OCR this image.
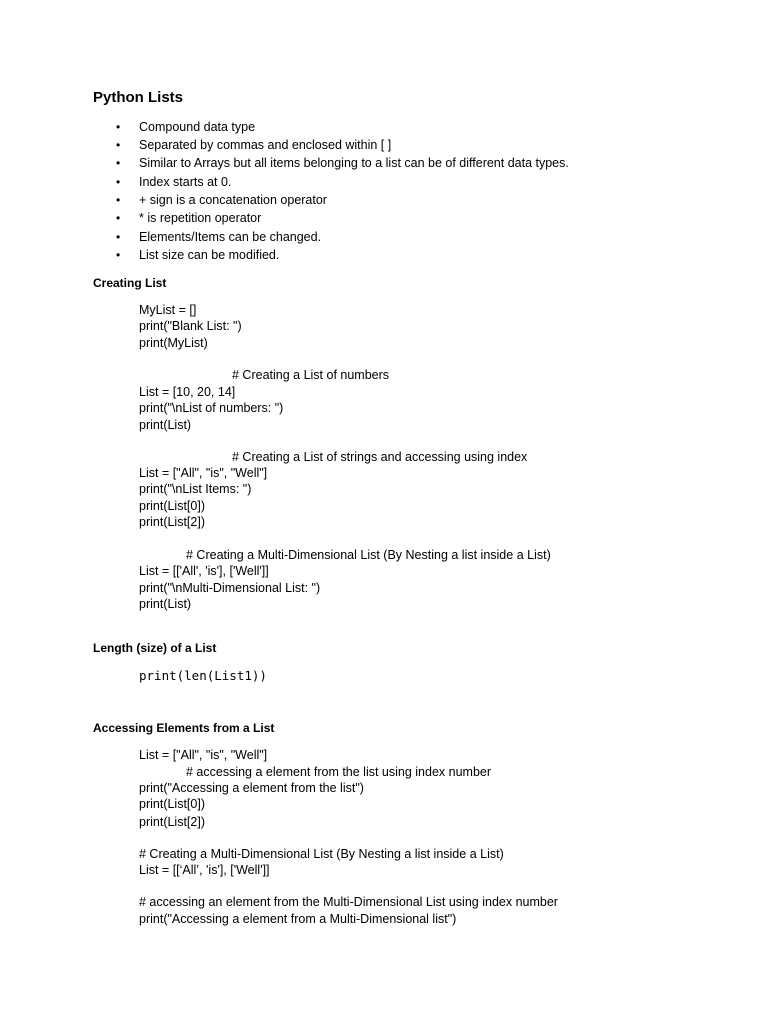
Python Lists
• Compound data type
• Separated by commas and enclosed within [ ]
• Similar to Arrays but all items belonging to a list can be of different data types.
• Index starts at 0.
• + sign is a concatenation operator
• * is repetition operator
• Elements/Items can be changed.
• List size can be modified.
Creating List
MyList = []
print("Blank List: ")
print(MyList)
# Creating a List of numbers
List = [10, 20, 14]
print("\nList of numbers: ")
print(List)
# Creating a List of strings and accessing using index
List = ["All", "is", "Well"]
print("\nList Items: ")
print(List[0])
print(List[2])
# Creating a Multi-Dimensional List (By Nesting a list inside a List)
List = [['All', 'is'], ['Well']]
print("\nMulti-Dimensional List: ")
print(List)
Length (size) of a List
print(len(List1))
Accessing Elements from a List
List = ["All", "is", "Well"]
# accessing a element from the list using index number
print("Accessing a element from the list")
print(List[0])
print(List[2])
# Creating a Multi-Dimensional List (By Nesting a list inside a List)
List = [[‘All’, 'is'], ['Well']]
# accessing an element from the Multi-Dimensional List using index number
print("Accessing a element from a Multi-Dimensional list")
